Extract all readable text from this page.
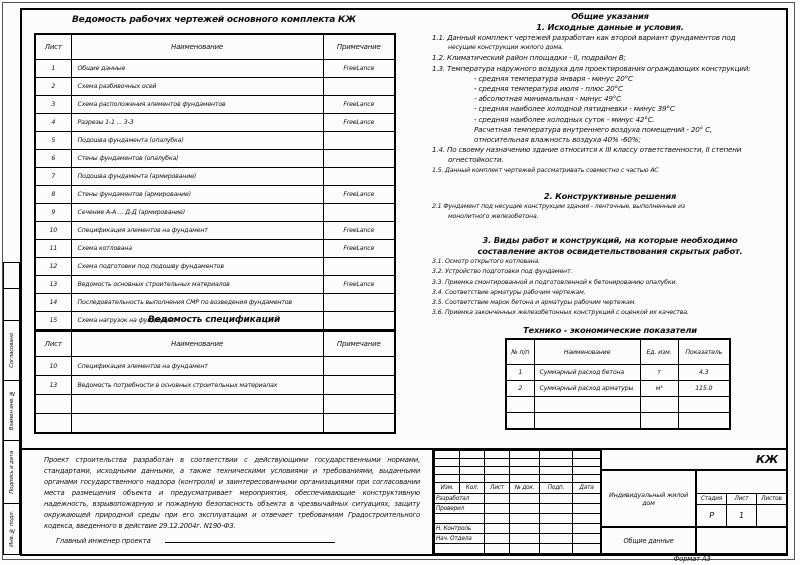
Согласовано
Взамен инв. №
Подпись и дата
Инв. № подл.
Ведомость рабочих чертежей основного комплекта КЖ
Лист	Наименование	Примечание
1	Общие данные	FreeLance
2	Схема разбивочных осей	
3	Схема расположения элементов фундаментов	FreeLance
4	Разрезы 1-1 ... 3-3	FreeLance
5	Подошва фундамента (опалубка)	
6	Стены фундаментов (опалубка)	
7	Подошва фундамента (армирование)	
8	Стены фундаментов (армирование)	FreeLance
9	Сечение А-А ... Д-Д (армирование)	
10	Спецификация элементов на фундамент	FreeLance
11	Схема котлована	FreeLance
12	Схема подготовки под подошву фундаментов	
13	Ведомость основных строительных материалов	FreeLance
14	Последовательность выполнения СМР по возведения фундаментов	
15	Схема нагрузок на фундамент	

Ведомость спецификаций
Лист	Наименование	Примечание
10	Спецификация элементов на фундамент	
13	Ведомость потребности в основных строительных материалах	

Общие указания
1. Исходные данные и условия.
1.1. Данный комплект чертежей разработан как второй вариант фундаментов под
несущие конструкции жилого дома.
1.2. Климатический район площадки - II, подрайон В;
1.3. Температура наружного воздуха для проектирования ограждающих конструкций:
- средняя температура января - минус 20°С
- средняя температура июля - плюс 20°С
- абсолютная минимальная - минус 49°С
- средняя наиболее холодной пятидневки - минус 39°С
- средняя наиболее холодных суток - минус 42°С.
Расчетная температура внутреннего воздуха помещений - 20° С,
относительная влажность воздуха 40% -60%;
1.4. По своему назначению здание относится к III классу ответственности, II степени
огнестойкости.
1.5. Данный комплект чертежей рассматривать совместно с частью АС
2. Конструктивные решения
2.1 Фундамент под несущие конструкции здания - ленточные, выполненные из
монолитного железобетона.
3. Виды работ и конструкций, на которые необходимо
составление актов освидетельствования скрытых работ.
3.1. Осмотр открытого котлована.
3.2. Устройство подготовки под фундамент.
3.3. Приемка смонтированной и подготовленной к бетонированию опалубки.
3.4. Соответствие арматуры рабочим чертежам.
3.5. Соответствие марок бетона и арматуры рабочим чертежам.
3.6. Приемка законченных железобетонных конструкций с оценкой их качества.
Технико - экономические показатели
№ п/п	Наименование	Ед. изм.	Показатель
1	Суммарный расход бетона	т	4.3
2	Суммарный расход арматуры	м³	115.0

Проект строительства разработан в соответствии с действующими государственными нормами, стандартами, исходными данными, а также техническими условиями и требованиями, выданными органами государственного надзора (контроля) и заинтересованными организациями при согласовании места размещения объекта и предусматривает мероприятия, обеспечивающие конструктивную надежность, взрывопожарную и пожарную безопасность объекта в чрезвычайных ситуациях, защиту окружающей природной среды при его эксплуатации и отвечает требованиям Градостроительного кодекса, введенного в действие 29.12.2004г. N190-ФЗ.
Главный инженер проекта

Изм.	Кол.	Лист	№ док.	Подп.	Дата
Разработал					
Проверил					

Н. Контроль					
Нач. Отдела					

КЖ
Индивидуальный жилой дом	Стадия	Лист	Листов
Р	1
Общие данные
Формат А3
